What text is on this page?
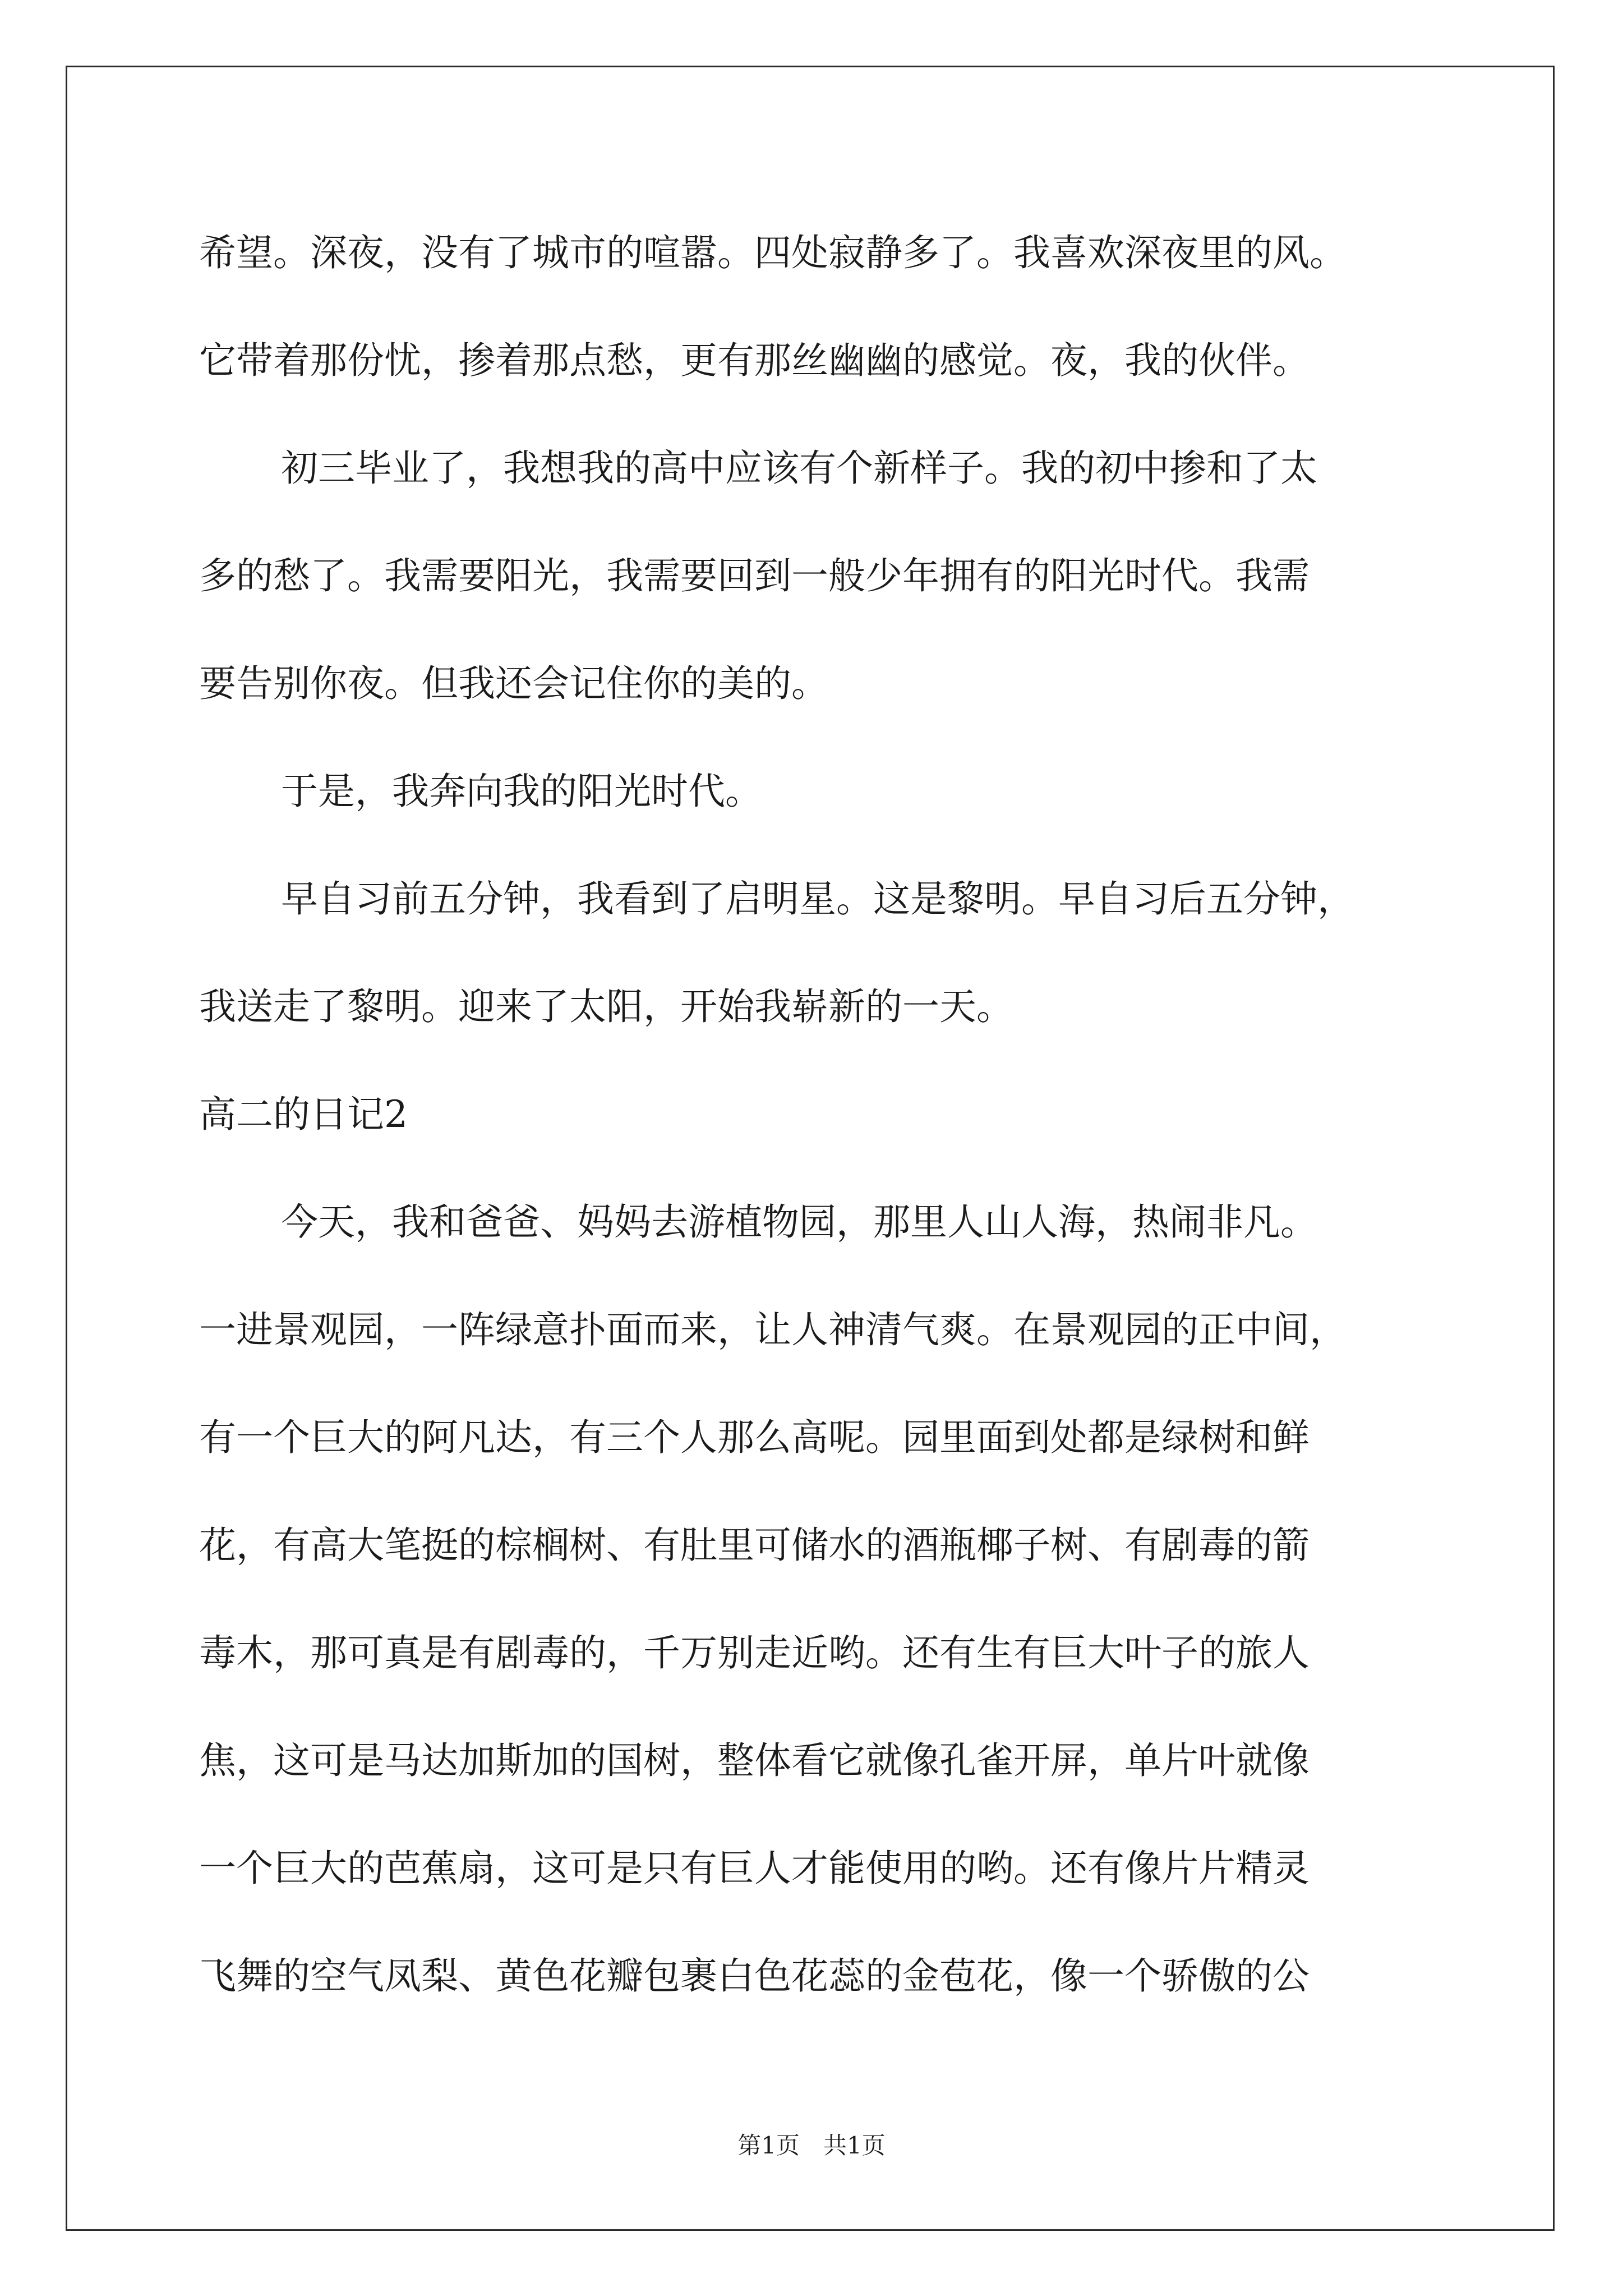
希望。深夜，没有了城市的喧嚣。四处寂静多了。我喜欢深夜里的风。
它带着那份忧，掺着那点愁，更有那丝幽幽的感觉。夜，我的伙伴。
初三毕业了，我想我的高中应该有个新样子。我的初中掺和了太
多的愁了。我需要阳光，我需要回到一般少年拥有的阳光时代。我需
要告别你夜。但我还会记住你的美的。
于是，我奔向我的阳光时代。
早自习前五分钟，我看到了启明星。这是黎明。早自习后五分钟，
我送走了黎明。迎来了太阳，开始我崭新的一天。
高二的日记2
今天，我和爸爸、妈妈去游植物园，那里人山人海，热闹非凡。
一进景观园，一阵绿意扑面而来，让人神清气爽。在景观园的正中间，
有一个巨大的阿凡达，有三个人那么高呢。园里面到处都是绿树和鲜
花，有高大笔挺的棕榈树、有肚里可储水的酒瓶椰子树、有剧毒的箭
毒木，那可真是有剧毒的，千万别走近哟。还有生有巨大叶子的旅人
焦，这可是马达加斯加的国树，整体看它就像孔雀开屏，单片叶就像
一个巨大的芭蕉扇，这可是只有巨人才能使用的哟。还有像片片精灵
飞舞的空气凤梨、黄色花瓣包裹白色花蕊的金苞花，像一个骄傲的公
第1页　共1页
